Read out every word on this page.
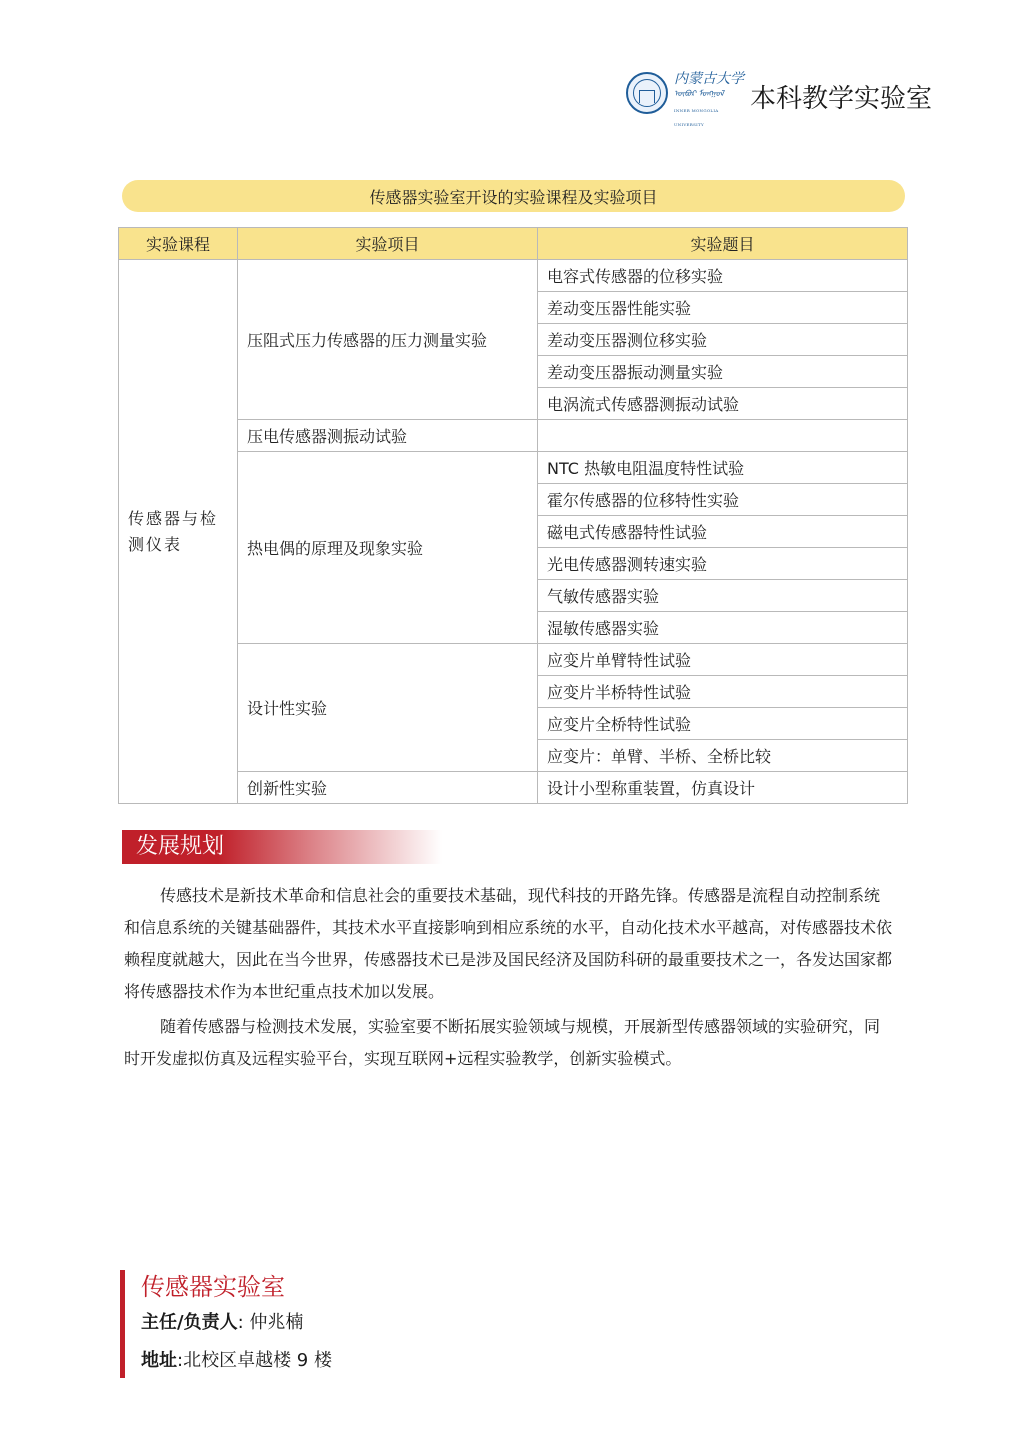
内蒙古大学
ᠥᠪᠥᠷ ᠮᠣᠩᠭᠣᠯ
INNER MONGOLIA UNIVERSITY
本科教学实验室
传感器实验室开设的实验课程及实验项目
实验课程	实验项目	实验题目
传感器与检测仪表	压阻式压力传感器的压力测量实验	电容式传感器的位移实验
		差动变压器性能实验
		差动变压器测位移实验
		差动变压器振动测量实验
		电涡流式传感器测振动试验
	压电传感器测振动试验	
	热电偶的原理及现象实验	NTC 热敏电阻温度特性试验
		霍尔传感器的位移特性实验
		磁电式传感器特性试验
		光电传感器测转速实验
		气敏传感器实验
		湿敏传感器实验
	设计性实验	应变片单臂特性试验
		应变片半桥特性试验
		应变片全桥特性试验
		应变片：单臂、半桥、全桥比较
	创新性实验	设计小型称重装置，仿真设计
发展规划

传感技术是新技术革命和信息社会的重要技术基础，现代科技的开路先锋。传感器是流程自动控制系统和信息系统的关键基础器件，其技术水平直接影响到相应系统的水平，自动化技术水平越高，对传感器技术依赖程度就越大，因此在当今世界，传感器技术已是涉及国民经济及国防科研的最重要技术之一，各发达国家都将传感器技术作为本世纪重点技术加以发展。

随着传感器与检测技术发展，实验室要不断拓展实验领域与规模，开展新型传感器领域的实验研究，同时开发虚拟仿真及远程实验平台，实现互联网+远程实验教学，创新实验模式。

传感器实验室
主任/负责人: 仲兆楠
地址:北校区卓越楼 9 楼
